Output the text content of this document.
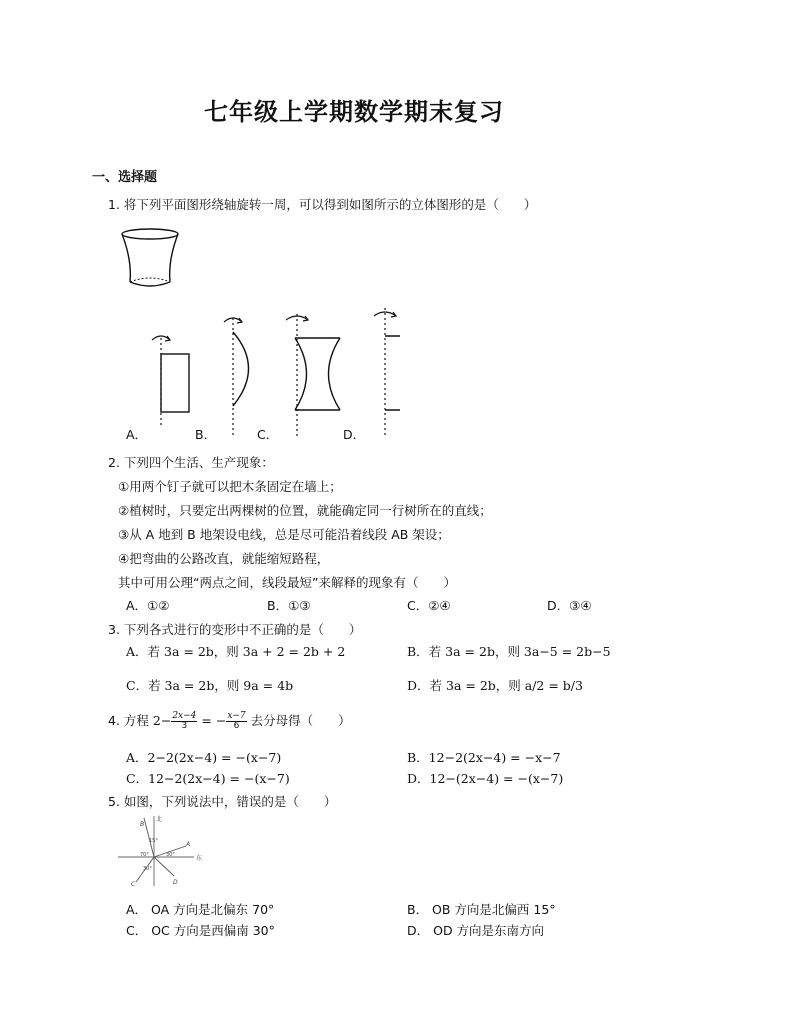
七年级上学期数学期末复习
一、选择题
1. 将下列平面图形绕轴旋转一周，可以得到如图所示的立体图形的是（　　）
A．	B．	C．	D．
2. 下列四个生活、生产现象：
①用两个钉子就可以把木条固定在墙上；
②植树时，只要定出两棵树的位置，就能确定同一行树所在的直线；
③从 A 地到 B 地架设电线，总是尽可能沿着线段 AB 架设；
④把弯曲的公路改直，就能缩短路程，
其中可用公理“两点之间，线段最短”来解释的现象有（　　）
A．①②	B．①③	C．②④	D．③④
3. 下列各式进行的变形中不正确的是（　　）
A．若 3a = 2b，则 3a + 2 = 2b + 2	B．若 3a = 2b，则 3a−5 = 2b−5
C．若 3a = 2b，则 9a = 4b	D．若 3a = 2b，则 a/2 = b/3
4. 方程 $2- \frac{2x-4}{3}$ = − $\frac{x-7}{6}$ 去分母得（　　）
A．2−2(2x−4) = −(x−7)	B．12−2(2x−4) = −x−7
C．12−2(2x−4) = −(x−7)	D．12−(2x−4) = −(x−7)
5. 如图，下列说法中，错误的是（　　）
北
东
B
A
C	D
15°
70°	30°
30°
A． OA 方向是北偏东 70°	B． OB 方向是北偏西 15°
C． OC 方向是西偏南 30°	D． OD 方向是东南方向
